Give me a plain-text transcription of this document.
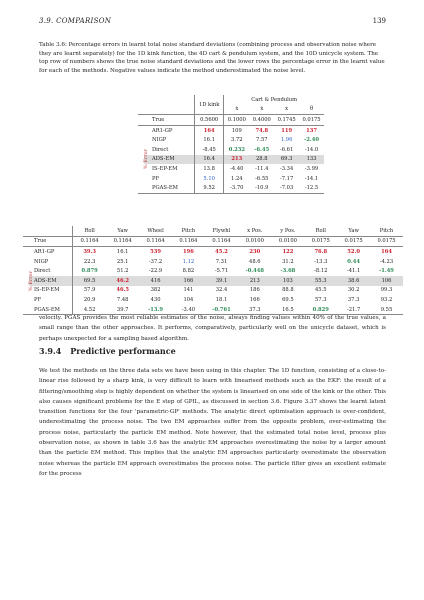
3.9. COMPARISON	139
Table 3.6: Percentage errors in learnt total noise standard deviations (combining process and observation noise where they are learnt separately) for the 1D kink function, the 4D cart & pendulum system, and the 10D unicycle system. The top row of numbers shows the true noise standard deviations and the lower rows the percentage error in the learnt value for each of the methods. Negative values indicate the method underestimated the noise level.
		1D kink	Cart & Pendulum			
			ẋ	ẋ	x	θ
	True	0.5600	0.1000	0.4000	0.1745	0.0175

% Error	AR1-GP	164	109	74.8	119	137
	NIGP	16.1	3.72	7.57	1.96	-2.40
	Direct	-8.45	0.232	-6.45	-6.61	-14.0
	ADS-EM	16.4	213	28.8	69.3	133
	IS-EP-EM	13.8	-4.40	-11.4	-3.34	-3.99
	PF	5.10	1.24	-6.55	-7.17	-14.1
	PGAS-EM	9.52	-3.70	-10.9	-7.03	-12.5
		Roll	Yaw	Wheel	Pitch	Flywhl	x Pos.	y Pos.	Roll	Yaw	Pitch
	True	0.1164	0.1164	0.1164	0.1164	0.1164	0.0100	0.0100	0.0175	0.0175	0.0175

% Error	AR1-GP	39.3	16.1	539	196	45.2	230	122	76.8	52.0	164
	NIGP	22.3	25.1	-37.2	1.12	7.31	48.6	31.2	-13.3	0.44	-4.23
	Direct	0.879	51.2	-22.9	8.82	-5.71	-0.448	-3.68	-8.12	-41.1	-1.49
	ADS-EM	69.5	46.2	416	166	39.1	213	103	55.3	38.6	106
	IS-EP-EM	57.9	46.5	382	141	32.4	186	88.8	45.5	30.2	99.3
	PF	20.9	7.48	430	104	18.1	166	69.5	57.3	37.3	93.2
	PGAS-EM	4.52	39.7	-13.9	-3.40	-0.761	37.3	16.5	0.829	-21.7	9.55
velocity. PGAS provides the most reliable estimates of the noise, always finding values within 40% of the true values, a small range than the other approaches. It performs, comparatively, particularly well on the unicycle dataset, which is perhaps unexpected for a sampling based algorithm.
3.9.4 Predictive performance
We test the methods on the three data sets we have been using in this chapter. The 1D function, consisting of a close-to-linear rise followed by a sharp kink, is very difficult to learn with linearised methods such as the EKF: the result of a filtering/smoothing step is highly dependent on whether the system is linearised on one side of the kink or the other. This also causes significant problems for the E step of GPIL, as discussed in section 3.6. Figure 3.37 shows the learnt latent transition functions for the four 'parametric-GP' methods. The analytic direct optimisation approach is over-confident, underestimating the process noise. The two EM approaches suffer from the opposite problem, over-estimating the process noise, particularly the particle EM method. Note however, that the estimated total noise level, process plus observation noise, as shown in table 3.6 has the analytic EM approaches overestimating the noise by a larger amount than the particle EM method. This implies that the analytic EM approaches particularly overestimate the observation noise whereas the particle EM approach overestimates the process noise. The particle filter gives an excellent estimate for the process
